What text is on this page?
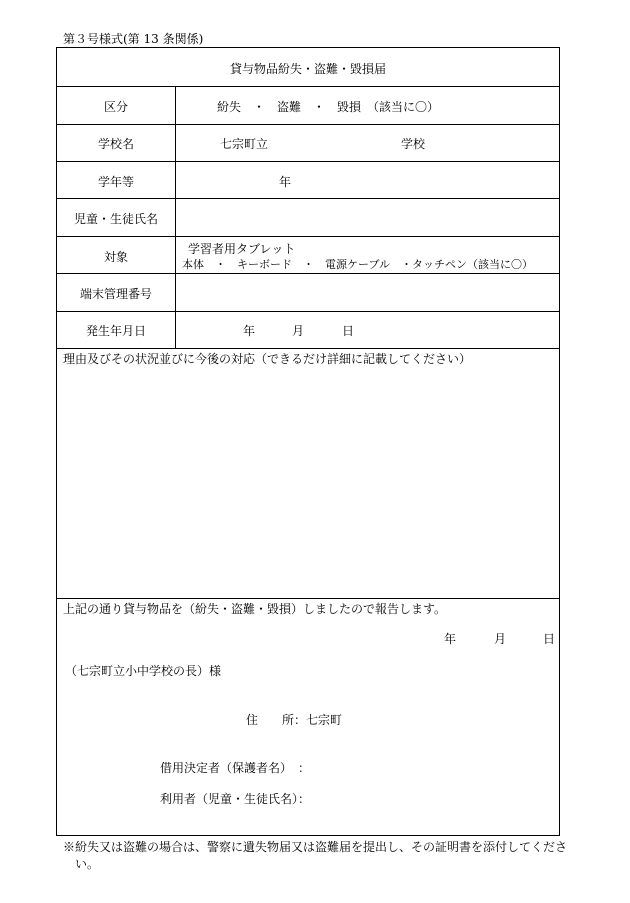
第３号様式(第 13 条関係)
貸与物品紛失・盗難・毀損届
区分	紛失　・　盗難　・　毀損　（該当に〇）
学校名	七宗町立	学校
学年等	年
児童・生徒氏名
対象
学習者用タブレット
本体　・　キーボード　・　電源ケーブル　・タッチペン（該当に〇）
端末管理番号
発生年月日	年	月	日
理由及びその状況並びに今後の対応（できるだけ詳細に記載してください）
上記の通り貸与物品を（紛失・盗難・毀損）しましたので報告します。
年	月	日
（七宗町立小中学校の長）様
住　　所：七宗町
借用決定者（保護者名）　：
利用者（児童・生徒氏名）：
※紛失又は盗難の場合は、警察に遺失物届又は盗難届を提出し、その証明書を添付してくださ
い。
